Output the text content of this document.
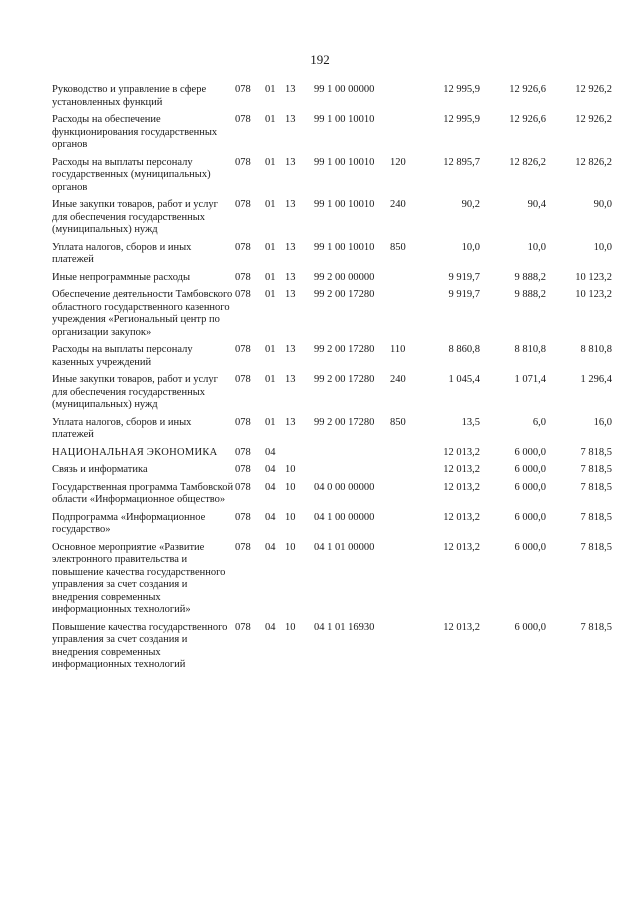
192
Руководство и управление в сфере установленных функций	078	01	13	99 1 00 00000		12 995,9	12 926,6	12 926,2
Расходы на обеспечение функционирования государственных органов	078	01	13	99 1 00 10010		12 995,9	12 926,6	12 926,2
Расходы на выплаты персоналу государственных (муниципальных) органов	078	01	13	99 1 00 10010	120	12 895,7	12 826,2	12 826,2
Иные закупки товаров, работ и услуг для обеспечения государственных (муниципальных) нужд	078	01	13	99 1 00 10010	240	90,2	90,4	90,0
Уплата налогов, сборов и иных платежей	078	01	13	99 1 00 10010	850	10,0	10,0	10,0
Иные непрограммные расходы	078	01	13	99 2 00 00000		9 919,7	9 888,2	10 123,2
Обеспечение деятельности Тамбовского областного государственного казенного учреждения «Региональный центр по организации закупок»	078	01	13	99 2 00 17280		9 919,7	9 888,2	10 123,2
Расходы на выплаты персоналу казенных учреждений	078	01	13	99 2 00 17280	110	8 860,8	8 810,8	8 810,8
Иные закупки товаров, работ и услуг для обеспечения государственных (муниципальных) нужд	078	01	13	99 2 00 17280	240	1 045,4	1 071,4	1 296,4
Уплата налогов, сборов и иных платежей	078	01	13	99 2 00 17280	850	13,5	6,0	16,0
НАЦИОНАЛЬНАЯ ЭКОНОМИКА	078	04				12 013,2	6 000,0	7 818,5
Связь и информатика	078	04	10			12 013,2	6 000,0	7 818,5
Государственная программа Тамбовской области «Информационное общество»	078	04	10	04 0 00 00000		12 013,2	6 000,0	7 818,5
Подпрограмма «Информационное государство»	078	04	10	04 1 00 00000		12 013,2	6 000,0	7 818,5
Основное мероприятие «Развитие электронного правительства и повышение качества государственного управления за счет создания и внедрения современных информационных технологий»	078	04	10	04 1 01 00000		12 013,2	6 000,0	7 818,5
Повышение качества государственного управления за счет создания и внедрения современных информационных технологий	078	04	10	04 1 01 16930		12 013,2	6 000,0	7 818,5
